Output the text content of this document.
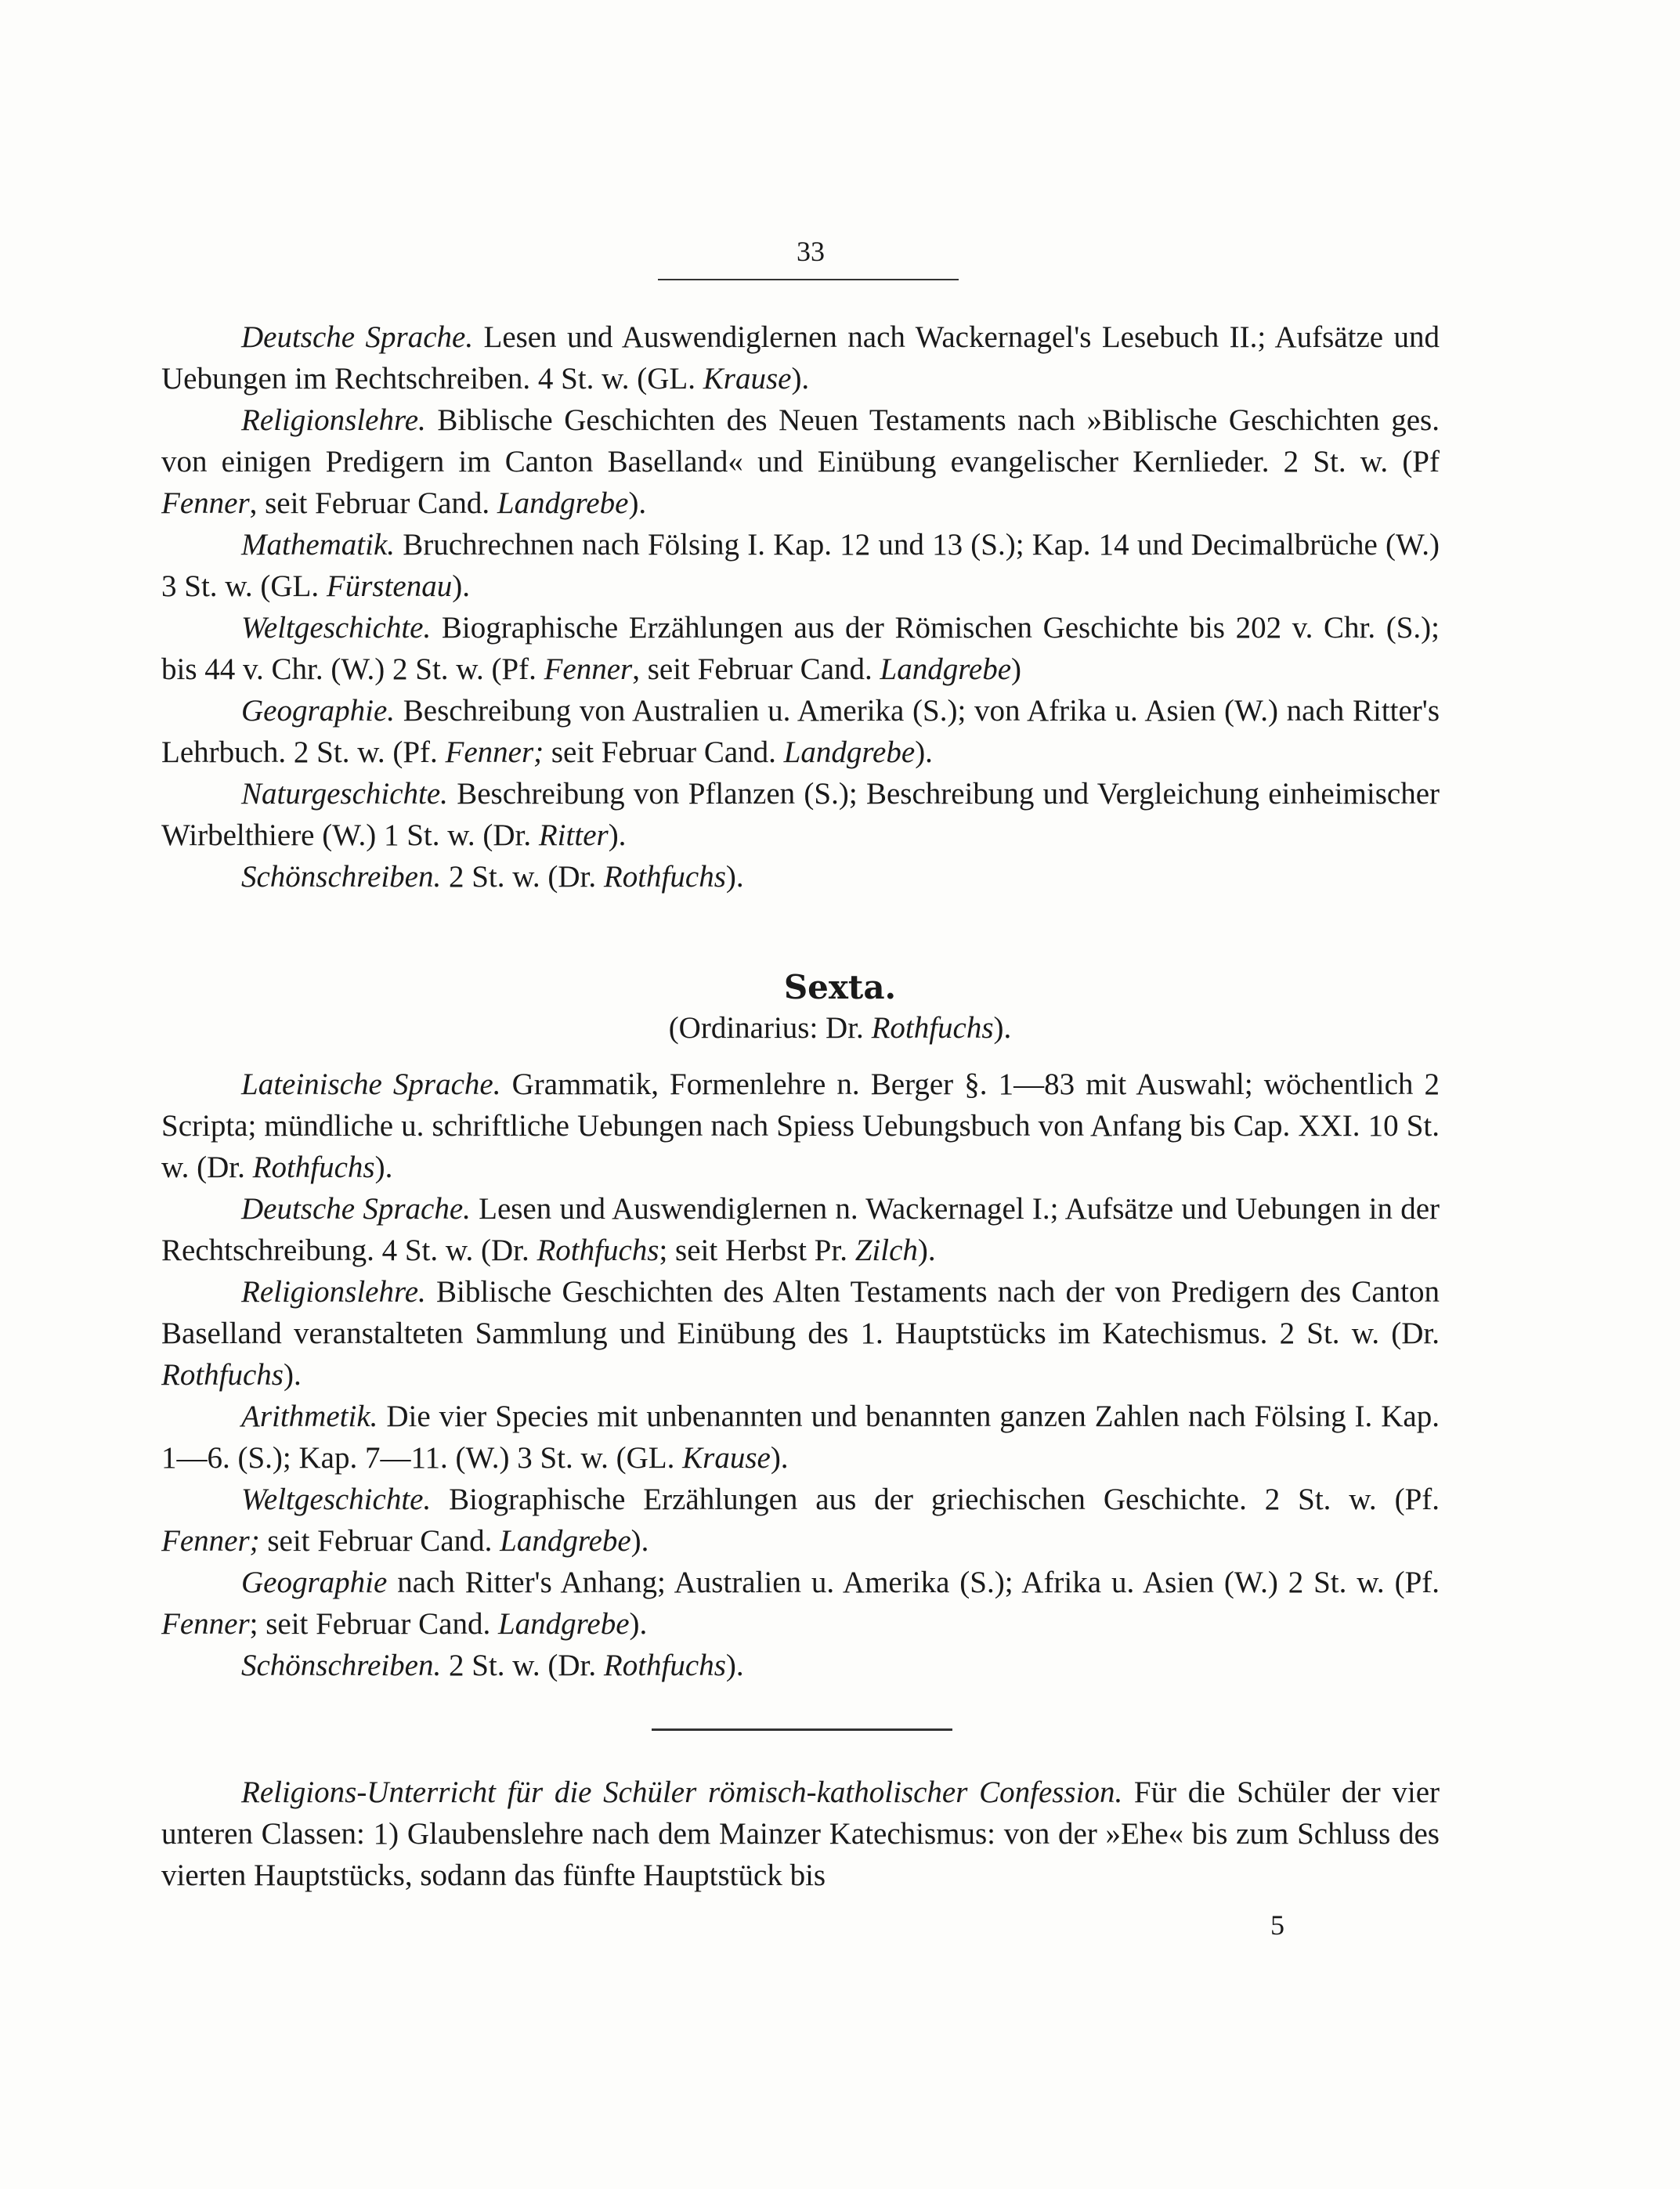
33

Deutsche Sprache. Lesen und Auswendiglernen nach Wackernagel's Lesebuch II.; Aufsätze und Uebungen im Rechtschreiben. 4 St. w. (GL. Krause).

Religionslehre. Biblische Geschichten des Neuen Testaments nach »Biblische Geschichten ges. von einigen Predigern im Canton Baselland« und Einübung evangelischer Kernlieder. 2 St. w. (Pf Fenner, seit Februar Cand. Landgrebe).

Mathematik. Bruchrechnen nach Fölsing I. Kap. 12 und 13 (S.); Kap. 14 und Decimalbrüche (W.) 3 St. w. (GL. Fürstenau).

Weltgeschichte. Biographische Erzählungen aus der Römischen Geschichte bis 202 v. Chr. (S.); bis 44 v. Chr. (W.) 2 St. w. (Pf. Fenner, seit Februar Cand. Landgrebe)

Geographie. Beschreibung von Australien u. Amerika (S.); von Afrika u. Asien (W.) nach Ritter's Lehrbuch. 2 St. w. (Pf. Fenner; seit Februar Cand. Landgrebe).

Naturgeschichte. Beschreibung von Pflanzen (S.); Beschreibung und Vergleichung einheimischer Wirbelthiere (W.) 1 St. w. (Dr. Ritter).

Schönschreiben. 2 St. w. (Dr. Rothfuchs).

Sexta.
(Ordinarius: Dr. Rothfuchs).

Lateinische Sprache. Grammatik, Formenlehre n. Berger §. 1—83 mit Auswahl; wöchentlich 2 Scripta; mündliche u. schriftliche Uebungen nach Spiess Uebungsbuch von Anfang bis Cap. XXI. 10 St. w. (Dr. Rothfuchs).

Deutsche Sprache. Lesen und Auswendiglernen n. Wackernagel I.; Aufsätze und Uebungen in der Rechtschreibung. 4 St. w. (Dr. Rothfuchs; seit Herbst Pr. Zilch).

Religionslehre. Biblische Geschichten des Alten Testaments nach der von Predigern des Canton Baselland veranstalteten Sammlung und Einübung des 1. Hauptstücks im Katechismus. 2 St. w. (Dr. Rothfuchs).

Arithmetik. Die vier Species mit unbenannten und benannten ganzen Zahlen nach Fölsing I. Kap. 1—6. (S.); Kap. 7—11. (W.) 3 St. w. (GL. Krause).

Weltgeschichte. Biographische Erzählungen aus der griechischen Geschichte. 2 St. w. (Pf. Fenner; seit Februar Cand. Landgrebe).

Geographie nach Ritter's Anhang; Australien u. Amerika (S.); Afrika u. Asien (W.) 2 St. w. (Pf. Fenner; seit Februar Cand. Landgrebe).

Schönschreiben. 2 St. w. (Dr. Rothfuchs).

Religions-Unterricht für die Schüler römisch-katholischer Confession. Für die Schüler der vier unteren Classen: 1) Glaubenslehre nach dem Mainzer Katechismus: von der »Ehe« bis zum Schluss des vierten Hauptstücks, sodann das fünfte Hauptstück bis

5
